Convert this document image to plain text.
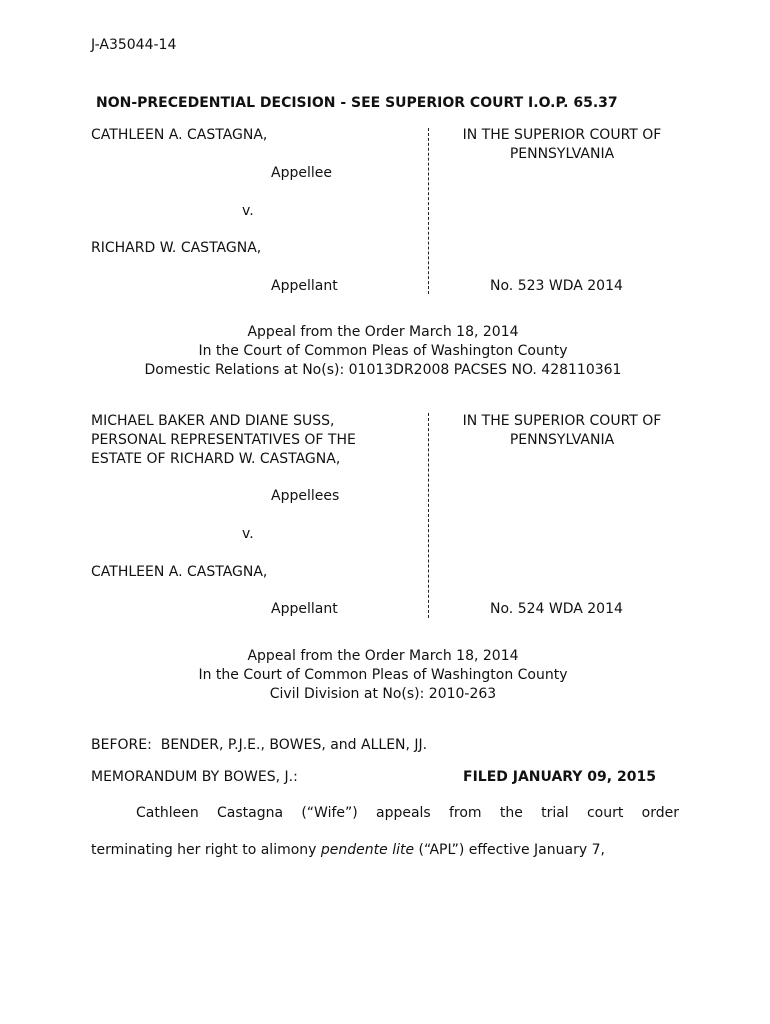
J-A35044-14
NON-PRECEDENTIAL DECISION - SEE SUPERIOR COURT I.O.P. 65.37
CATHLEEN A. CASTAGNA,
Appellee
v.
RICHARD W. CASTAGNA,
Appellant
IN THE SUPERIOR COURT OF
PENNSYLVANIA
No. 523 WDA 2014
Appeal from the Order March 18, 2014
In the Court of Common Pleas of Washington County
Domestic Relations at No(s): 01013DR2008 PACSES NO. 428110361
MICHAEL BAKER AND DIANE SUSS,
PERSONAL REPRESENTATIVES OF THE
ESTATE OF RICHARD W. CASTAGNA,
Appellees
v.
CATHLEEN A. CASTAGNA,
Appellant
IN THE SUPERIOR COURT OF
PENNSYLVANIA
No. 524 WDA 2014
Appeal from the Order March 18, 2014
In the Court of Common Pleas of Washington County
Civil Division at No(s): 2010-263
BEFORE:  BENDER, P.J.E., BOWES, and ALLEN, JJ.
MEMORANDUM BY BOWES, J.:	FILED JANUARY 09, 2015
Cathleen Castagna (“Wife”) appeals from the trial court order
terminating her right to alimony pendente lite (“APL”) effective January 7,
